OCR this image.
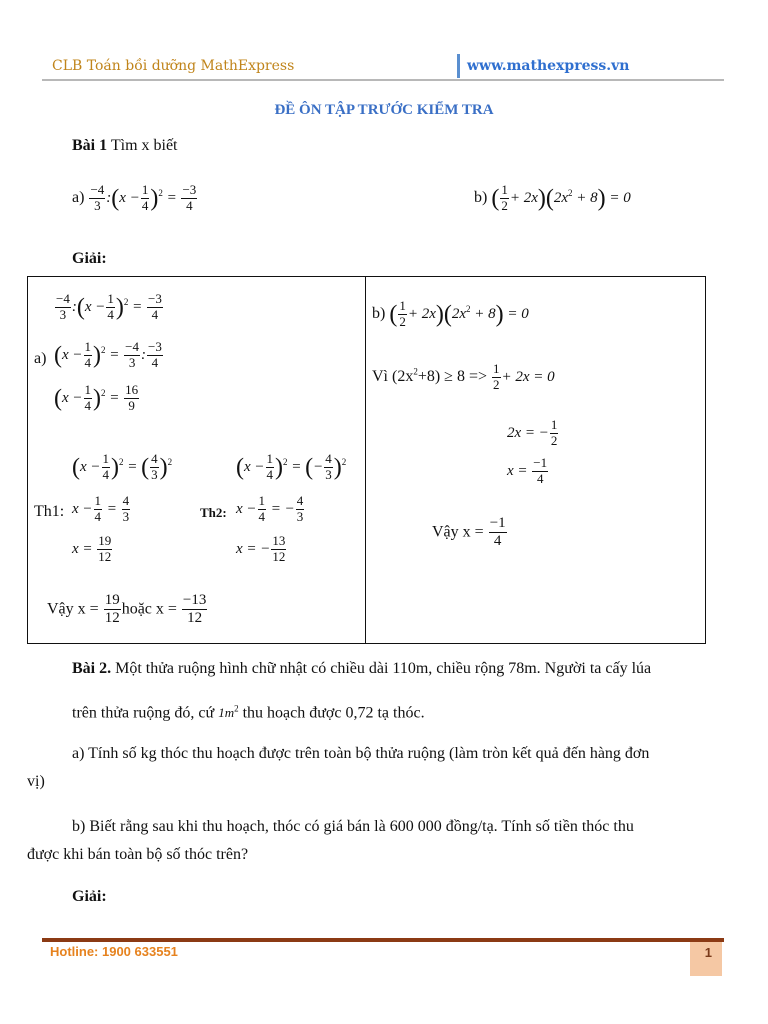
CLB Toán bồi dưỡng MathExpress	www.mathexpress.vn
ĐỀ ÔN TẬP TRƯỚC KIỂM TRA
Bài 1 Tìm x biết
$a) \frac{-4}{3}$ :(x − $\frac{1}{4} )^2 = \frac{-3}{4}$	b) ( $\frac{1}{2} + 2x)(2x^2 + 8) = 0$
Giải:
$\frac{-4}{3}$ :(x − $\frac{1}{4} )^2 = \frac{-3}{4}$
a) $(x - \frac{1}{4} )^2 = \frac{-4}{3}$ : $\frac{-3}{4}$
$(x - \frac{1}{4} )^2 = \frac{16}{9}$
$(x - \frac{1}{4} )^2$ = ( $\frac{4}{3} )^2$	$(x - \frac{1}{4} )^2$ = (− $\frac{4}{3} )^2$
Th1: $x - \frac{1}{4} = \frac{4}{3}$	Th2: $x - \frac{1}{4}$ = − $\frac{4}{3}$
$x = \frac{19}{12}$	x = − $\frac{13}{12}$
Vậy $x = \frac{19}{12}$ hoặc $x = \frac{-13}{12}$
b) ( $\frac{1}{2} + 2x)(2x^2 + 8) = 0$
Vì $(2x^2+8) \ge 8 => \frac{1}{2} + 2x = 0$
2x = − $\frac{1}{2}$
$x = \frac{-1}{4}$
Vậy $x = \frac{-1}{4}$
Bài 2. Một thửa ruộng hình chữ nhật có chiều dài 110m, chiều rộng 78m. Người ta cấy lúa
trên thửa ruộng đó, cứ $1m^2$ thu hoạch được 0,72 tạ thóc.
a) Tính số kg thóc thu hoạch được trên toàn bộ thửa ruộng (làm tròn kết quả đến hàng đơn
vị)
b) Biết rằng sau khi thu hoạch, thóc có giá bán là 600 000 đồng/tạ. Tính số tiền thóc thu
được khi bán toàn bộ số thóc trên?
Giải:
Hotline: 1900 633551	1
